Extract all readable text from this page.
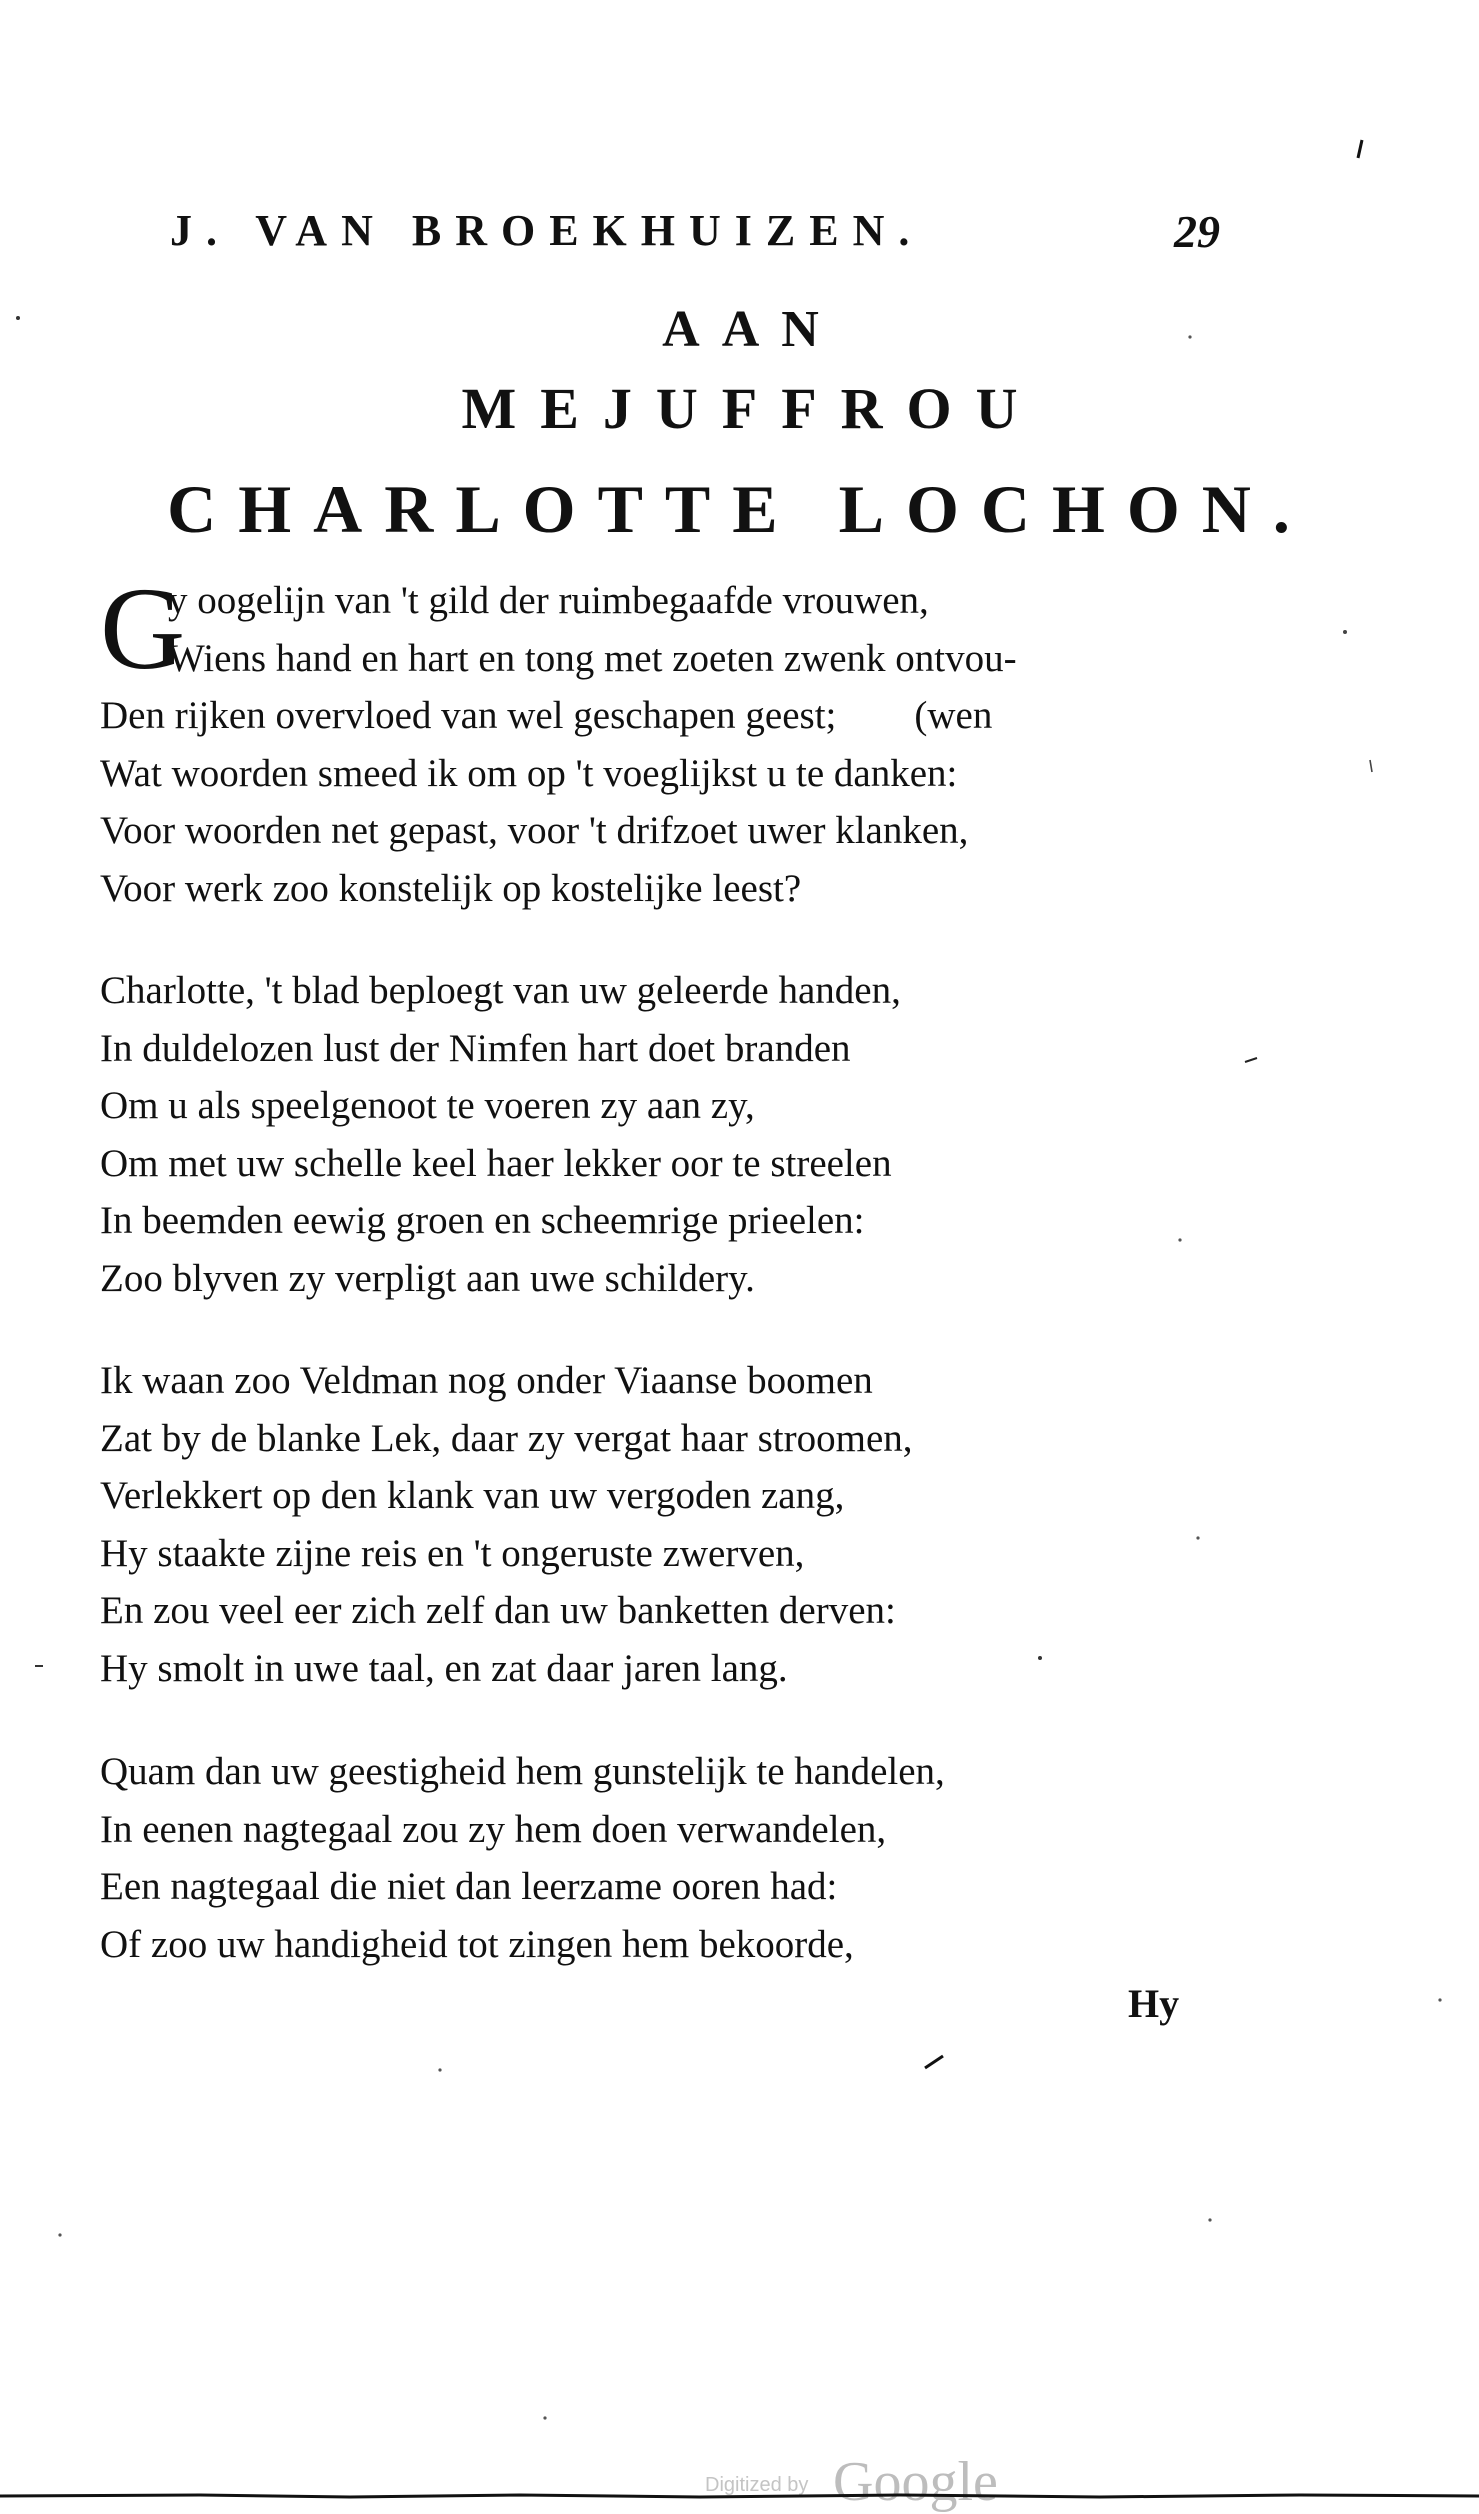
J. VAN BROEKHUIZEN.	29
AAN
MEJUFFROU
CHARLOTTE LOCHON.
G
y oogelijn van 't gild der ruimbegaafde vrouwen,
Wiens hand en hart en tong met zoeten zwenk ontvou-
Den rijken overvloed van wel geschapen geest;        (wen
Wat woorden smeed ik om op 't voeglijkst u te danken:
Voor woorden net gepast, voor 't drifzoet uwer klanken,
Voor werk zoo konstelijk op kostelijke leest?
Charlotte, 't blad beploegt van uw geleerde handen,
In duldelozen lust der Nimfen hart doet branden
Om u als speelgenoot te voeren zy aan zy,
Om met uw schelle keel haer lekker oor te streelen
In beemden eewig groen en scheemrige prieelen:
Zoo blyven zy verpligt aan uwe schildery.
Ik waan zoo Veldman nog onder Viaanse boomen
Zat by de blanke Lek, daar zy vergat haar stroomen,
Verlekkert op den klank van uw vergoden zang,
Hy staakte zijne reis en 't ongeruste zwerven,
En zou veel eer zich zelf dan uw banketten derven:
Hy smolt in uwe taal, en zat daar jaren lang.
Quam dan uw geestigheid hem gunstelijk te handelen,
In eenen nagtegaal zou zy hem doen verwandelen,
Een nagtegaal die niet dan leerzame ooren had:
Of zoo uw handigheid tot zingen hem bekoorde,
Hy
Digitized by Google
